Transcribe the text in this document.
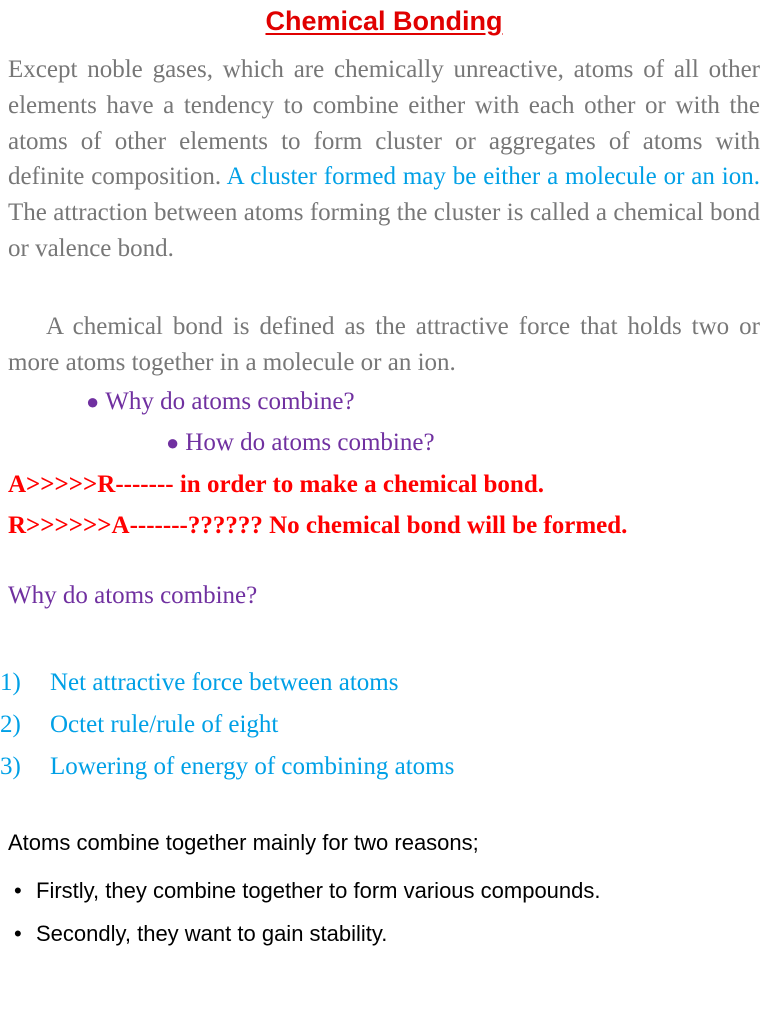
Chemical Bonding

Except noble gases, which are chemically unreactive, atoms of all other elements have a tendency to combine either with each other or with the atoms of other elements to form cluster or aggregates of atoms with definite composition. A cluster formed may be either a molecule or an ion. The attraction between atoms forming the cluster is called a chemical bond or valence bond.

A chemical bond is defined as the attractive force that holds two or more atoms together in a molecule or an ion.

● Why do atoms combine?

● How do atoms combine?

A>>>>>R------- in order to make a chemical bond.

R>>>>>>A-------?????? No chemical bond will be formed.

Why do atoms combine?

1) Net attractive force between atoms
2) Octet rule/rule of eight
3) Lowering of energy of combining atoms

Atoms combine together mainly for two reasons;

• Firstly, they combine together to form various compounds.
• Secondly, they want to gain stability.
